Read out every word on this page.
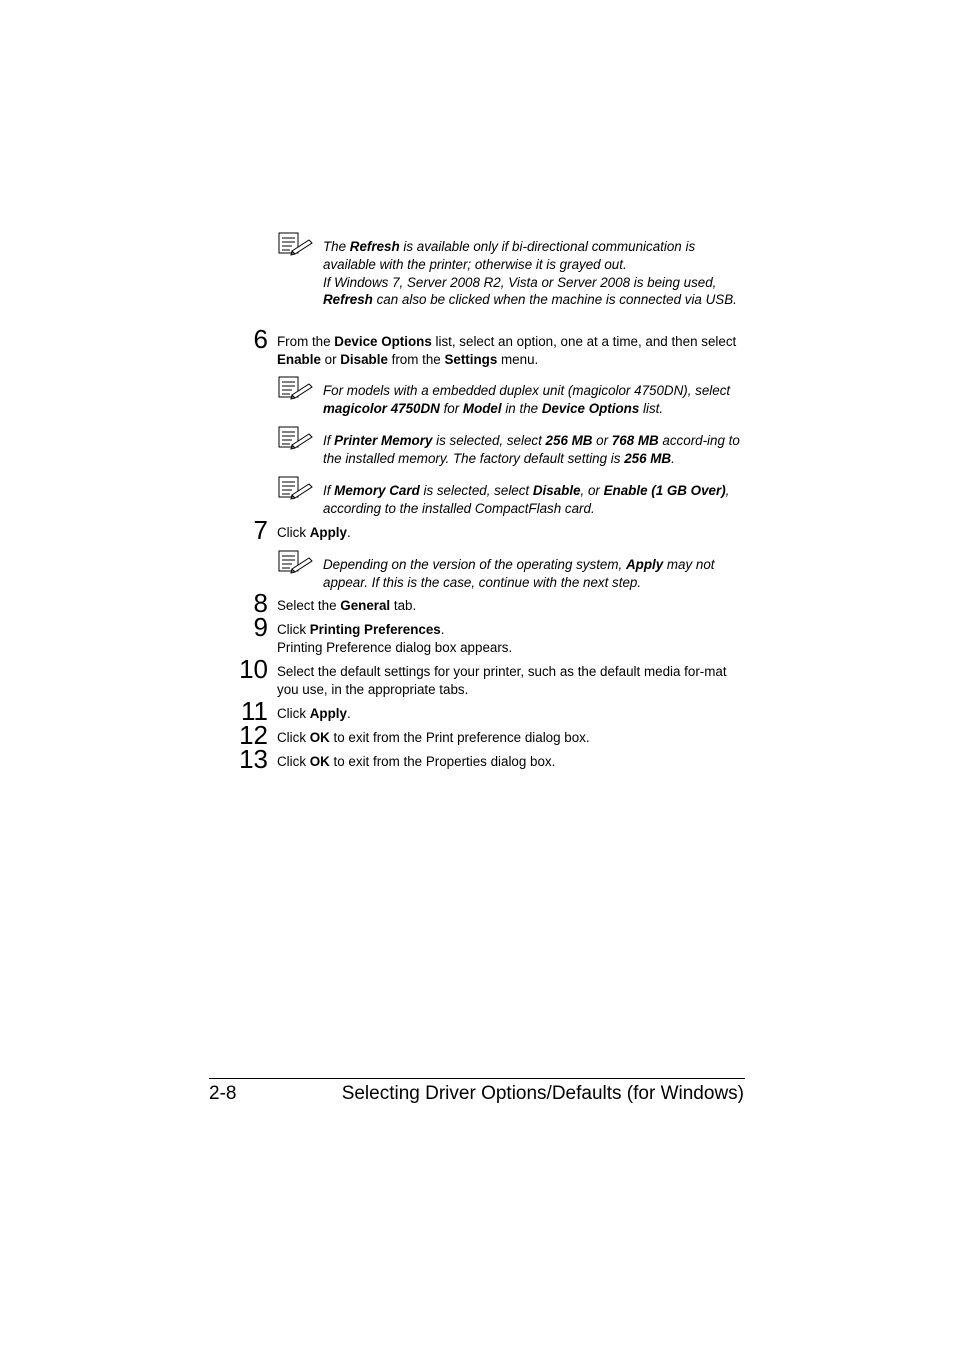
The Refresh is available only if bi-directional communication is available with the printer; otherwise it is grayed out.
If Windows 7, Server 2008 R2, Vista or Server 2008 is being used, Refresh can also be clicked when the machine is connected via USB.
6 From the Device Options list, select an option, one at a time, and then select Enable or Disable from the Settings menu.
For models with a embedded duplex unit (magicolor 4750DN), select magicolor 4750DN for Model in the Device Options list.
If Printer Memory is selected, select 256 MB or 768 MB accord-ing to the installed memory. The factory default setting is 256 MB.
If Memory Card is selected, select Disable, or Enable (1 GB Over), according to the installed CompactFlash card.
7 Click Apply.
Depending on the version of the operating system, Apply may not appear. If this is the case, continue with the next step.
8 Select the General tab.
9 Click Printing Preferences.
Printing Preference dialog box appears.
10 Select the default settings for your printer, such as the default media for-mat you use, in the appropriate tabs.
11 Click Apply.
12 Click OK to exit from the Print preference dialog box.
13 Click OK to exit from the Properties dialog box.
2-8	Selecting Driver Options/Defaults (for Windows)
